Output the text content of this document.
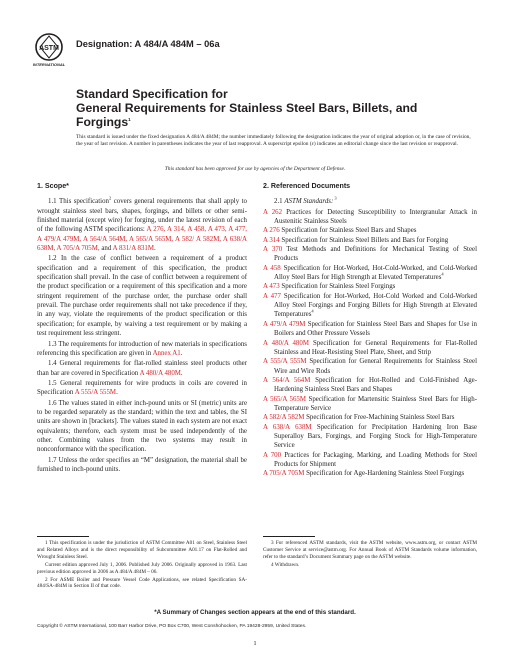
ASTM
INTERNATIONAL
Designation: A 484/A 484M – 06a
Standard Specification for
General Requirements for Stainless Steel Bars, Billets, and
Forgings$^1$
This standard is issued under the fixed designation A 484/A 484M; the number immediately following the designation indicates the year of original adoption or, in the case of revision, the year of last revision. A number in parentheses indicates the year of last reapproval. A superscript epsilon (ε) indicates an editorial change since the last revision or reapproval.
This standard has been approved for use by agencies of the Department of Defense.
1. Scope*

1.1 This specification$^2$ covers general requirements that shall apply to wrought stainless steel bars, shapes, forgings, and billets or other semi-finished material (except wire) for forging, under the latest revision of each of the following ASTM specifications: A 276, A 314, A 458, A 473, A 477, A 479/A 479M, A 564/A 564M, A 565/A 565M, A 582/ A 582M, A 638/A 638M, A 705/A 705M, and A 831/A 831M.

1.2 In the case of conflict between a requirement of a product specification and a requirement of this specification, the product specification shall prevail. In the case of conflict between a requirement of the product specification or a requirement of this specification and a more stringent requirement of the purchase order, the purchase order shall prevail. The purchase order requirements shall not take precedence if they, in any way, violate the requirements of the product specification or this specification; for example, by waiving a test requirement or by making a test requirement less stringent.

1.3 The requirements for introduction of new materials in specifications referencing this specification are given in Annex A1.

1.4 General requirements for flat-rolled stainless steel products other than bar are covered in Specification A 480/A 480M.

1.5 General requirements for wire products in coils are covered in Specification A 555/A 555M.

1.6 The values stated in either inch-pound units or SI (metric) units are to be regarded separately as the standard; within the text and tables, the SI units are shown in [brackets]. The values stated in each system are not exact equivalents; therefore, each system must be used independently of the other. Combining values from the two systems may result in nonconformance with the specification.

1.7 Unless the order specifies an “M” designation, the material shall be furnished to inch-pound units.

2. Referenced Documents
2.1 ASTM Standards: $^3$
A 262 Practices for Detecting Susceptibility to Intergranular Attack in Austenitic Stainless Steels
A 276 Specification for Stainless Steel Bars and Shapes
A 314 Specification for Stainless Steel Billets and Bars for Forging
A 370 Test Methods and Definitions for Mechanical Testing of Steel Products
A 458 Specification for Hot-Worked, Hot-Cold-Worked, and Cold-Worked Alloy Steel Bars for High Strength at Elevated Temperatures$^4$
A 473 Specification for Stainless Steel Forgings
A 477 Specification for Hot-Worked, Hot-Cold Worked and Cold-Worked Alloy Steel Forgings and Forging Billets for High Strength at Elevated Temperatures$^4$
A 479/A 479M Specification for Stainless Steel Bars and Shapes for Use in Boilers and Other Pressure Vessels
A 480/A 480M Specification for General Requirements for Flat-Rolled Stainless and Heat-Resisting Steel Plate, Sheet, and Strip
A 555/A 555M Specification for General Requirements for Stainless Steel Wire and Wire Rods
A 564/A 564M Specification for Hot-Rolled and Cold-Finished Age-Hardening Stainless Steel Bars and Shapes
A 565/A 565M Specification for Martensitic Stainless Steel Bars for High-Temperature Service
A 582/A 582M Specification for Free-Machining Stainless Steel Bars
A 638/A 638M Specification for Precipitation Hardening Iron Base Superalloy Bars, Forgings, and Forging Stock for High-Temperature Service
A 700 Practices for Packaging, Marking, and Loading Methods for Steel Products for Shipment
A 705/A 705M Specification for Age-Hardening Stainless Steel Forgings

1 This specification is under the jurisdiction of ASTM Committee A01 on Steel, Stainless Steel and Related Alloys and is the direct responsibility of Subcommittee A01.17 on Flat-Rolled and Wrought Stainless Steel.

Current edition approved July 1, 2006. Published July 2006. Originally approved in 1963. Last previous edition approved in 2006 as A 484/A 484M – 06.

2 For ASME Boiler and Pressure Vessel Code Applications, see related Specification SA-484/SA-484M in Section II of that code.

3 For referenced ASTM standards, visit the ASTM website, www.astm.org, or contact ASTM Customer Service at service@astm.org. For Annual Book of ASTM Standards volume information, refer to the standard’s Document Summary page on the ASTM website.

4 Withdrawn.

*A Summary of Changes section appears at the end of this standard.
Copyright © ASTM International, 100 Barr Harbor Drive, PO Box C700, West Conshohocken, PA 19428-2959, United States.
1
